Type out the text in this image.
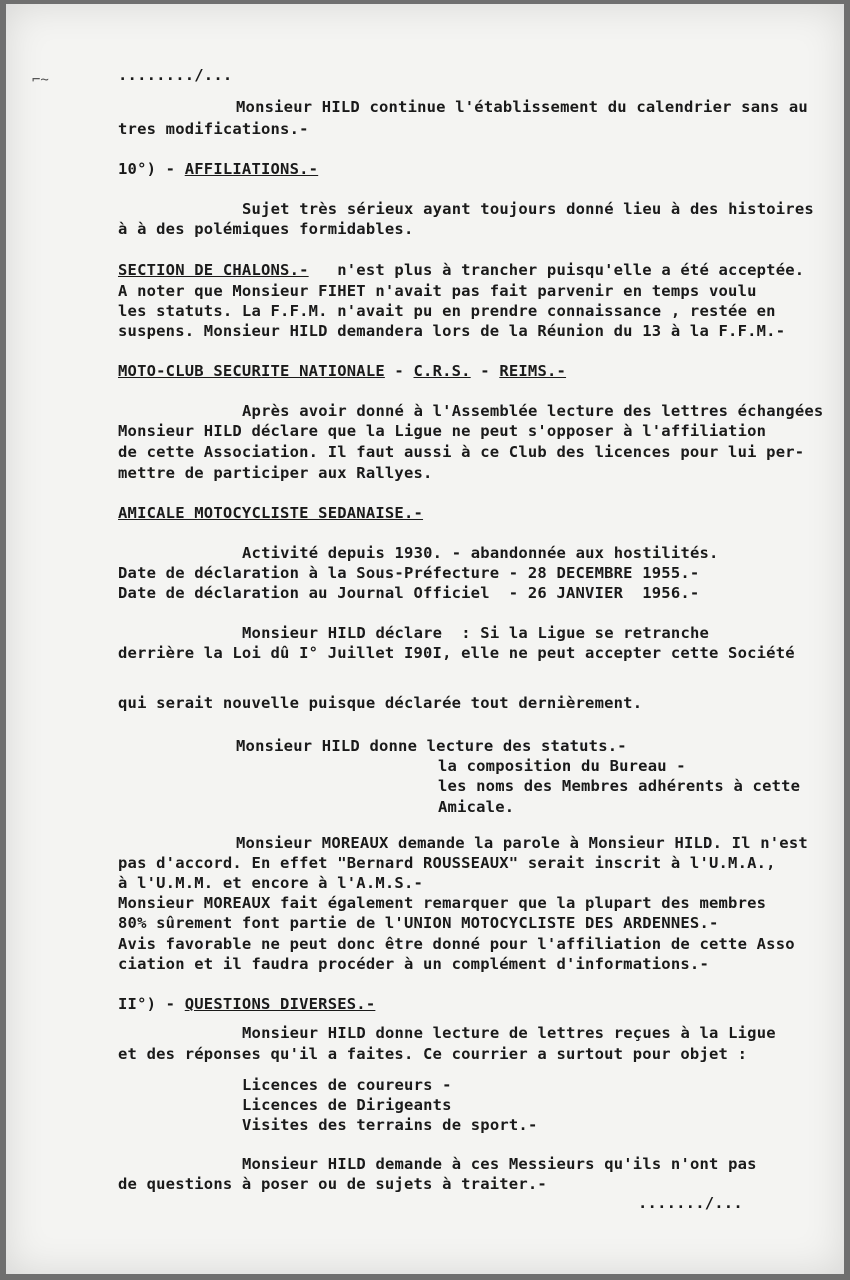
⌐~	......../...
Monsieur HILD continue l'établissement du calendrier sans au
tres modifications.-
10°) - AFFILIATIONS.-
Sujet très sérieux ayant toujours donné lieu à des histoires
à à des polémiques formidables.
SECTION DE CHALONS.-   n'est plus à trancher puisqu'elle a été acceptée.
A noter que Monsieur FIHET n'avait pas fait parvenir en temps voulu
les statuts. La F.F.M. n'avait pu en prendre connaissance , restée en
suspens. Monsieur HILD demandera lors de la Réunion du 13 à la F.F.M.-
MOTO-CLUB SECURITE NATIONALE - C.R.S. - REIMS.-
Après avoir donné à l'Assemblée lecture des lettres échangées
Monsieur HILD déclare que la Ligue ne peut s'opposer à l'affiliation
de cette Association. Il faut aussi à ce Club des licences pour lui per-
mettre de participer aux Rallyes.
AMICALE MOTOCYCLISTE SEDANAISE.-
Activité depuis 1930. - abandonnée aux hostilités.
Date de déclaration à la Sous-Préfecture - 28 DECEMBRE 1955.-
Date de déclaration au Journal Officiel  - 26 JANVIER  1956.-
Monsieur HILD déclare  : Si la Ligue se retranche
derrière la Loi dû I° Juillet I90I, elle ne peut accepter cette Société
qui serait nouvelle puisque déclarée tout dernièrement.
Monsieur HILD donne lecture des statuts.-
la composition du Bureau -
les noms des Membres adhérents à cette
Amicale.
Monsieur MOREAUX demande la parole à Monsieur HILD. Il n'est
pas d'accord. En effet "Bernard ROUSSEAUX" serait inscrit à l'U.M.A.,
à l'U.M.M. et encore à l'A.M.S.-
Monsieur MOREAUX fait également remarquer que la plupart des membres
80% sûrement font partie de l'UNION MOTOCYCLISTE DES ARDENNES.-
Avis favorable ne peut donc être donné pour l'affiliation de cette Asso
ciation et il faudra procéder à un complément d'informations.-
II°) - QUESTIONS DIVERSES.-
Monsieur HILD donne lecture de lettres reçues à la Ligue
et des réponses qu'il a faites. Ce courrier a surtout pour objet :
Licences de coureurs -
Licences de Dirigeants
Visites des terrains de sport.-
Monsieur HILD demande à ces Messieurs qu'ils n'ont pas
de questions à poser ou de sujets à traiter.-
......./...
